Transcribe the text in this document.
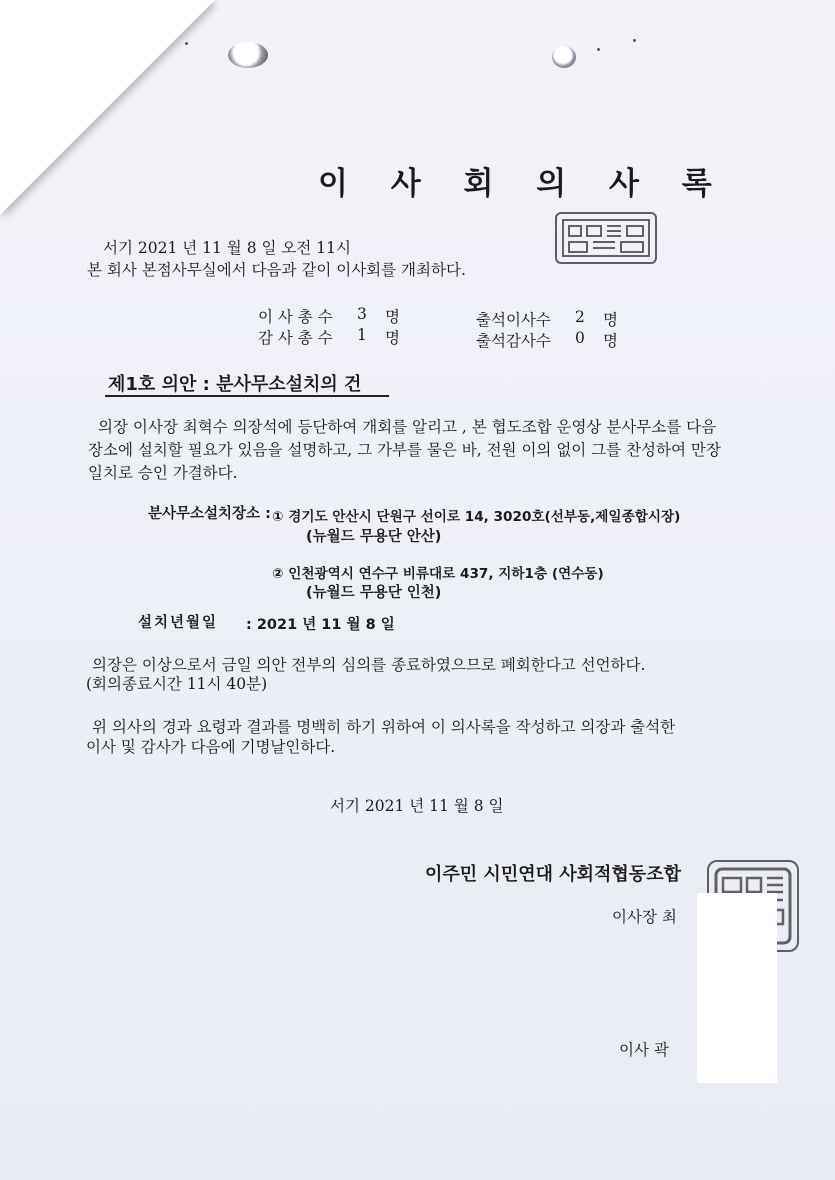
이 사 회 의 사 록
서기 2021 년 11 월 8 일 오전 11시
본 회사 본점사무실에서 다음과 같이 이사회를 개최하다.
이 사 총 수 3 명
감 사 총 수 1 명
출석이사수 2 명
출석감사수 0 명
제1호 의안 : 분사무소설치의 건
의장 이사장 최혁수 의장석에 등단하여 개회를 알리고 , 본 협도조합 운영상 분사무소를 다음
장소에 설치할 필요가 있음을 설명하고, 그 가부를 물은 바, 전원 이의 없이 그를 찬성하여 만장
일치로 승인 가결하다.
분사무소설치장소 : ① 경기도 안산시 단원구 선이로 14, 3020호(선부동,제일종합시장)
(뉴월드 무용단 안산)
② 인천광역시 연수구 비류대로 437, 지하1층 (연수동)
(뉴월드 무용단 인천)
설치년월일 : 2021 년 11 월 8 일
의장은 이상으로서 금일 의안 전부의 심의를 종료하였으므로 폐회한다고 선언하다.
(회의종료시간 11시 40분)
위 의사의 경과 요령과 결과를 명백히 하기 위하여 이 의사록을 작성하고 의장과 출석한
이사 및 감사가 다음에 기명날인하다.
서기 2021 년 11 월 8 일
이주민 시민연대 사회적협동조합
이사장 최
이사 곽
